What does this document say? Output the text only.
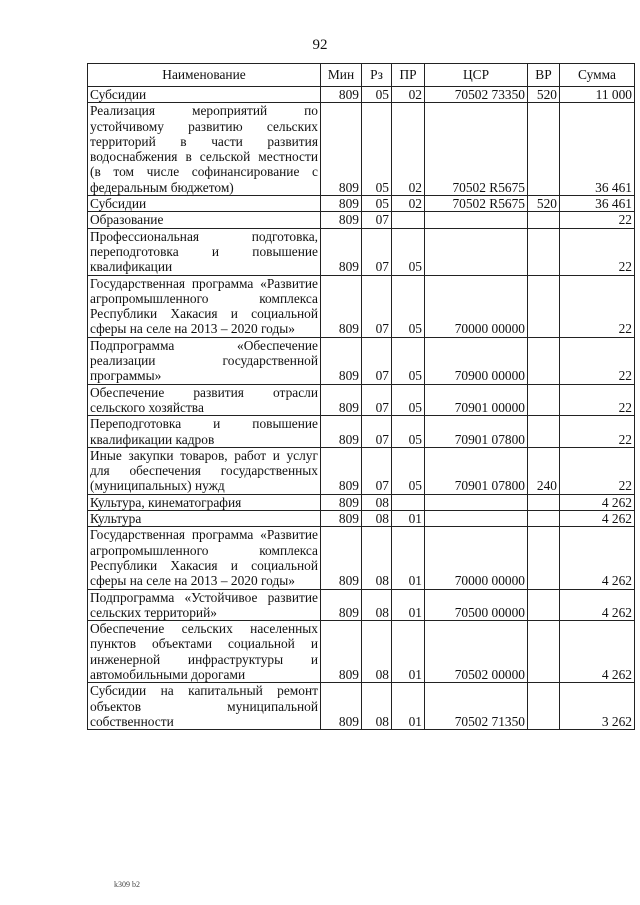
92
Наименование	Мин	Рз	ПР	ЦСР	ВР	Сумма
Субсидии	809	05	02	70502 73350	520	11 000
Реализация мероприятий по устойчивому развитию сельских территорий в части развития водоснабжения в сельской местности (в том числе софинансирование с федеральным бюджетом)	809	05	02	70502 R5675		36 461
Субсидии	809	05	02	70502 R5675	520	36 461
Образование	809	07				22
Профессиональная подготовка, переподготовка и повышение квалификации	809	07	05			22
Государственная программа «Развитие агропромышленного комплекса Республики Хакасия и социальной сферы на селе на 2013 – 2020 годы»	809	07	05	70000 00000		22
Подпрограмма «Обеспечение реализации государственной программы»	809	07	05	70900 00000		22
Обеспечение развития отрасли сельского хозяйства	809	07	05	70901 00000		22
Переподготовка и повышение квалификации кадров	809	07	05	70901 07800		22
Иные закупки товаров, работ и услуг для обеспечения государственных (муниципальных) нужд	809	07	05	70901 07800	240	22
Культура, кинематография	809	08				4 262
Культура	809	08	01			4 262
Государственная программа «Развитие агропромышленного комплекса Республики Хакасия и социальной сферы на селе на 2013 – 2020 годы»	809	08	01	70000 00000		4 262
Подпрограмма «Устойчивое развитие сельских территорий»	809	08	01	70500 00000		4 262
Обеспечение сельских населенных пунктов объектами социальной и инженерной инфраструктуры и автомобильными дорогами	809	08	01	70502 00000		4 262
Субсидии на капитальный ремонт объектов муниципальной собственности	809	08	01	70502 71350		3 262
k309 b2
